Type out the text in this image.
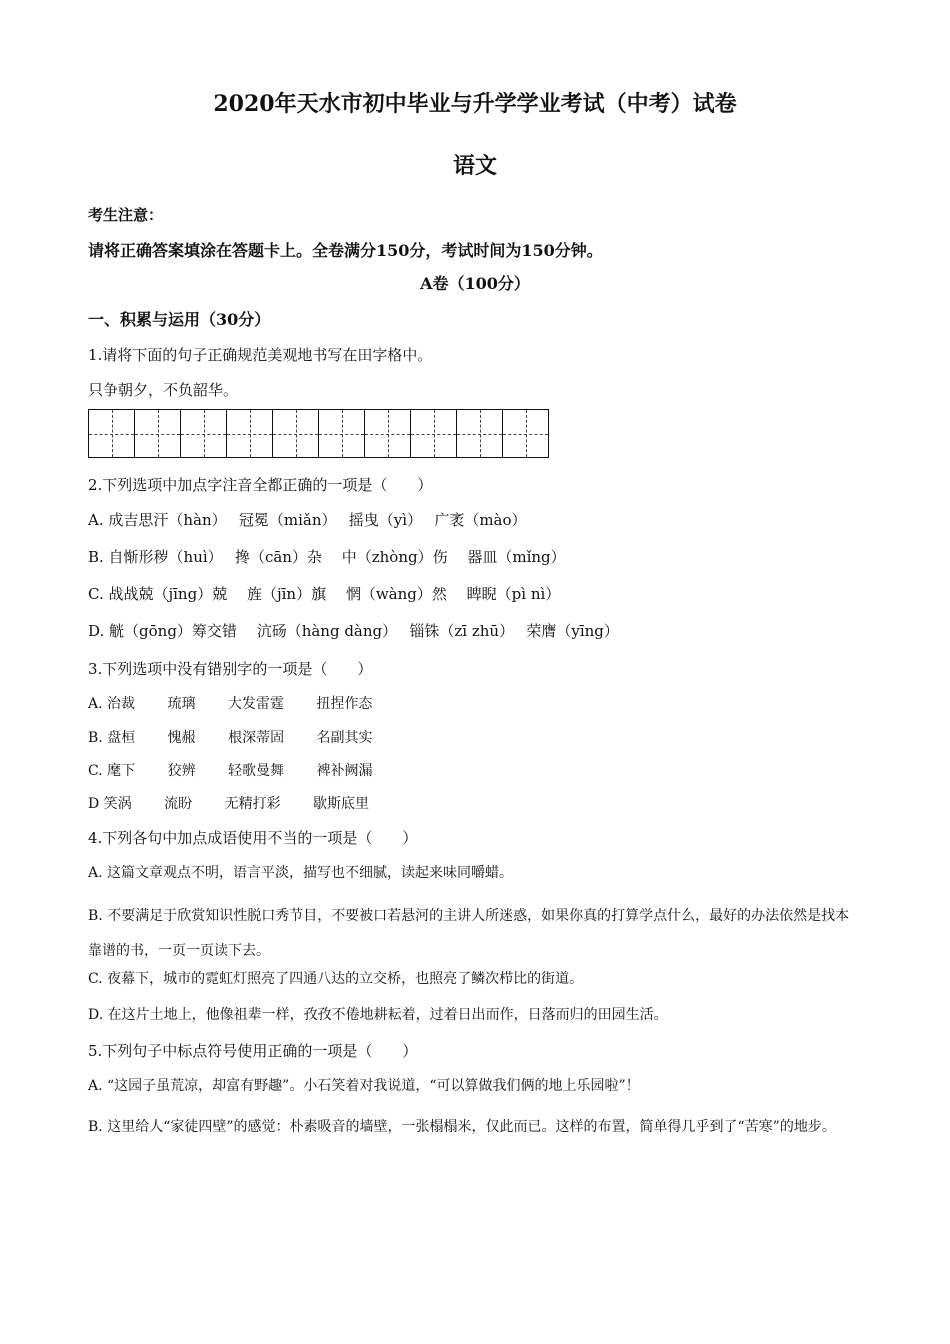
2020年天水市初中毕业与升学学业考试（中考）试卷
语文
考生注意：
请将正确答案填涂在答题卡上。全卷满分150分，考试时间为150分钟。
A卷（100分）
一、积累与运用（30分）
1.请将下面的句子正确规范美观地书写在田字格中。
只争朝夕，不负韶华。
2.下列选项中加点字注音全都正确的一项是（　　）
A. 成吉思汗（hàn）　 冠冕（miǎn）　 摇曳（yì）　 广袤（mào）
B. 自惭形秽（huì）　 搀（cān）杂　 中（zhòng）伤　 器皿（mǐng）
C. 战战兢（jīng）兢　 旌（jīn）旗　 惘（wàng）然　 睥睨（pì nì）
D. 觥（gōng）筹交错　 沆砀（hàng dàng）　 锱铢（zī zhū）　 荣膺（yīng）
3.下列选项中没有错别字的一项是（　　）
A. 治裁　　 琉璃　　 大发雷霆　　 扭捏作态
B. 盘桓　　 愧赧　　 根深蒂固　　 名副其实
C. 麾下　　 狡辨　　 轻歌曼舞　　 裨补阙漏
D 笑涡　　 流盼　　 无精打彩　　 歇斯底里
4.下列各句中加点成语使用不当的一项是（　　）
A. 这篇文章观点不明，语言平淡，描写也不细腻，读起来味同嚼蜡。
B. 不要满足于欣赏知识性脱口秀节目，不要被口若悬河的主讲人所迷惑，如果你真的打算学点什么，最好的办法依然是找本靠谱的书，一页一页读下去。
C. 夜幕下，城市的霓虹灯照亮了四通八达的立交桥，也照亮了鳞次栉比的街道。
D. 在这片土地上，他像祖辈一样，孜孜不倦地耕耘着，过着日出而作，日落而归的田园生活。
5.下列句子中标点符号使用正确的一项是（　　）
A. “这园子虽荒凉，却富有野趣”。小石笑着对我说道，“可以算做我们俩的地上乐园啦”！
B. 这里给人“家徒四壁”的感觉：朴素吸音的墙壁，一张榻榻米，仅此而已。这样的布置，简单得几乎到了“苦寒”的地步。
